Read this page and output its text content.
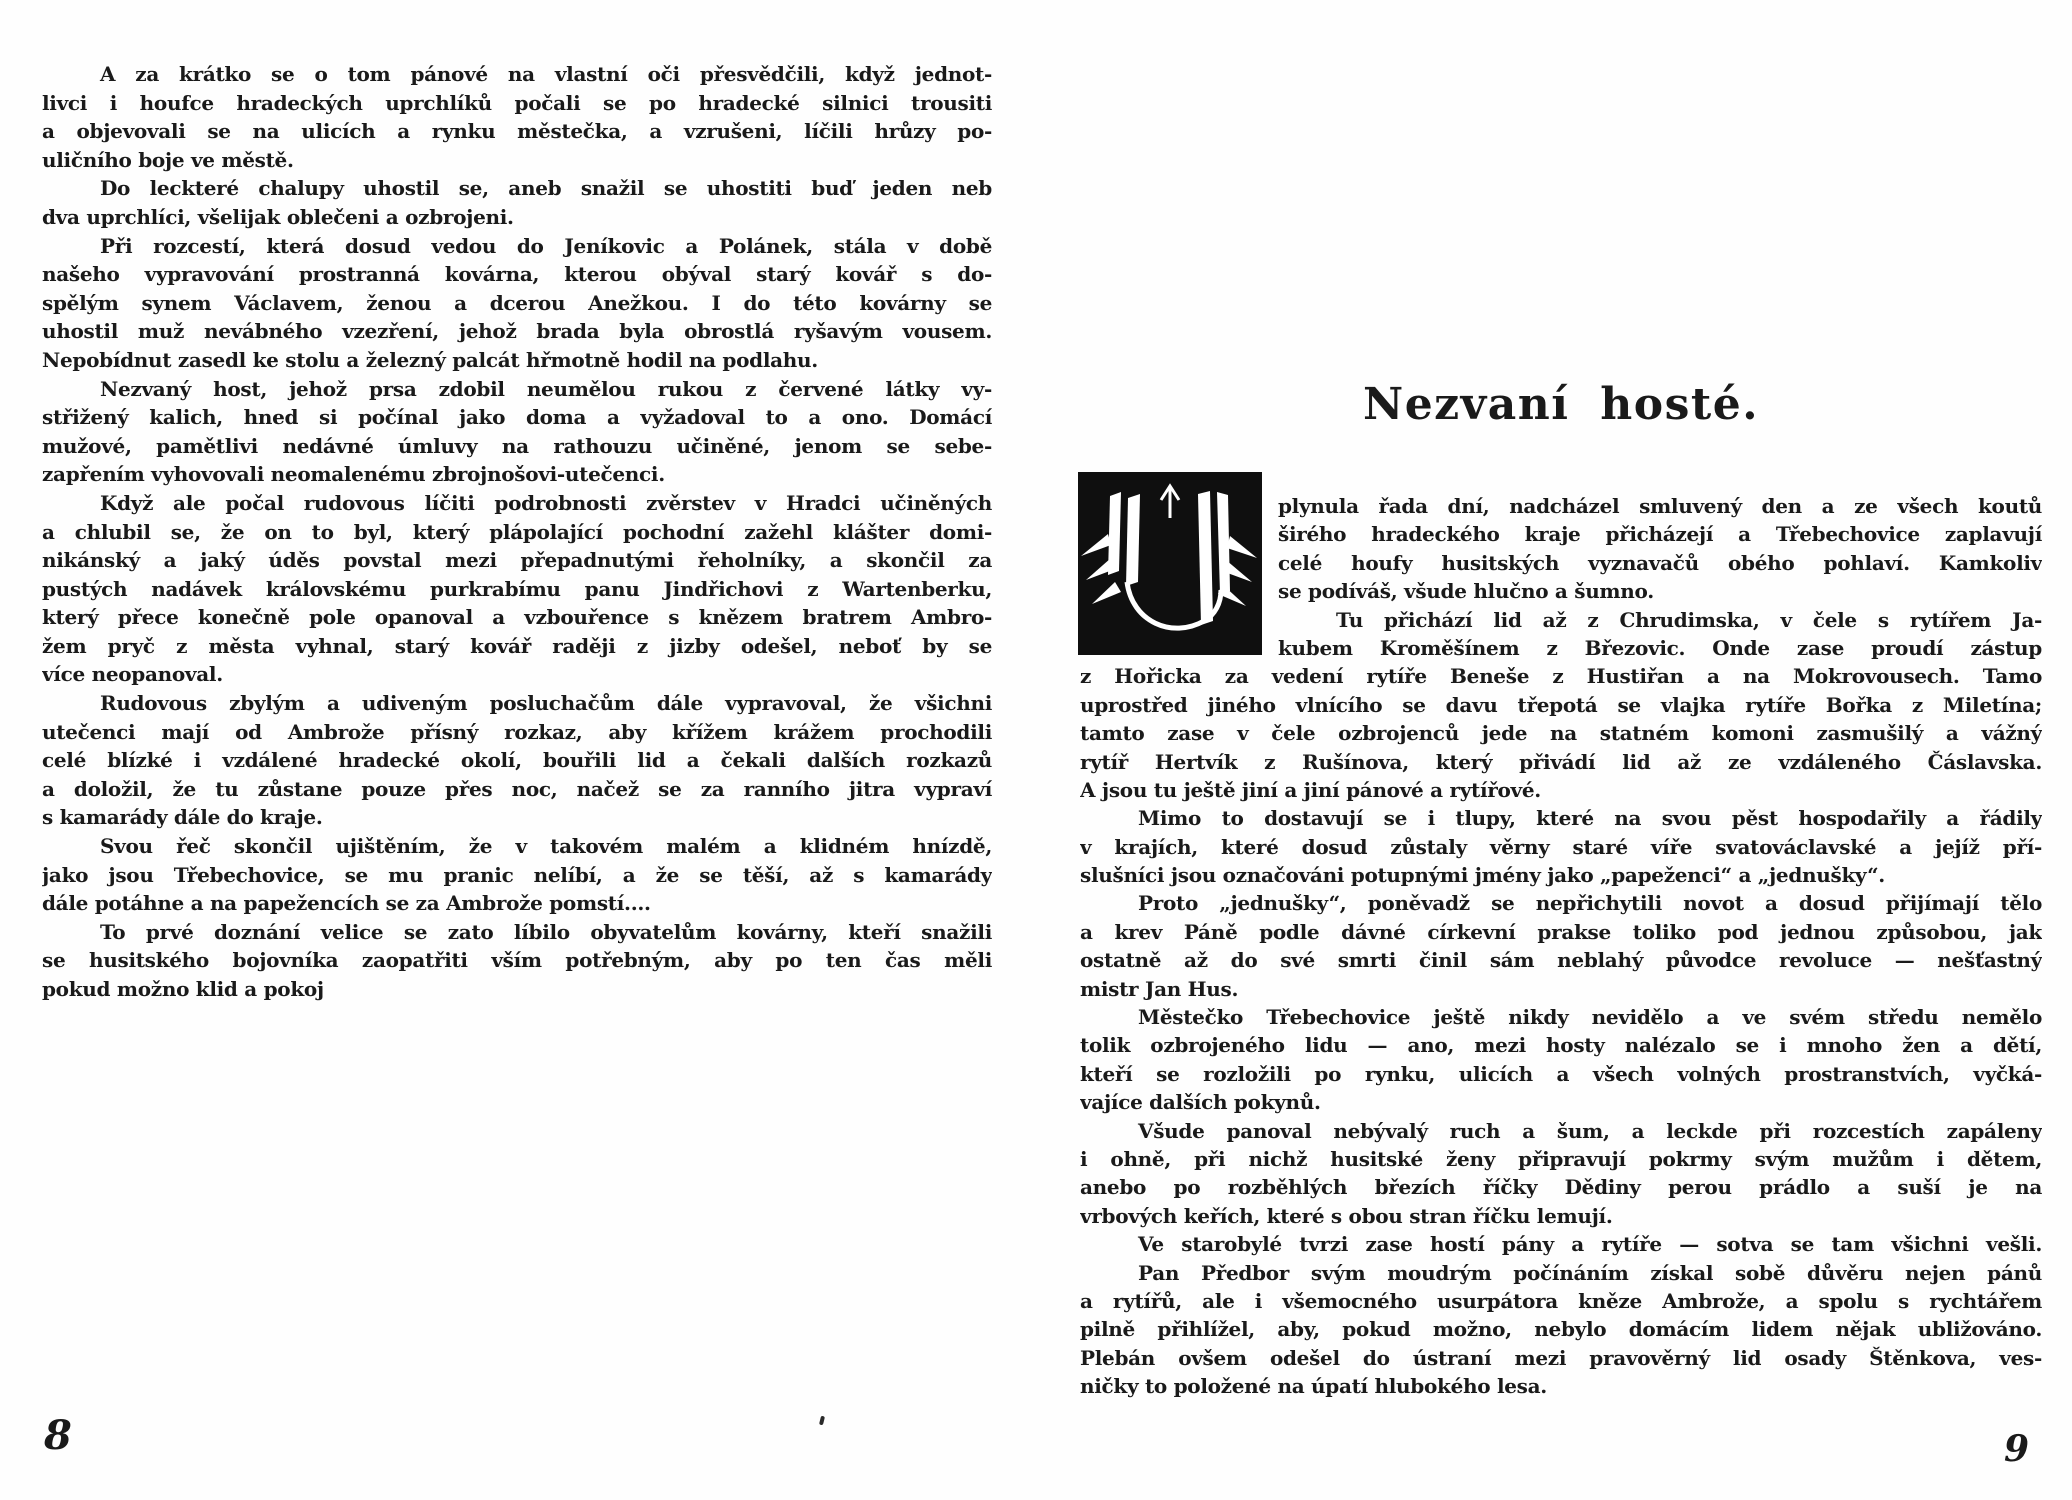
A za krátko se o tom pánové na vlastní oči přesvědčili, když jednot-
livci i houfce hradeckých uprchlíků počali se po hradecké silnici trousiti
a objevovali se na ulicích a rynku městečka, a vzrušeni, líčili hrůzy po-
uličního boje ve městě.
Do leckteré chalupy uhostil se, aneb snažil se uhostiti buď jeden neb
dva uprchlíci, všelijak oblečeni a ozbrojeni.
Při rozcestí, která dosud vedou do Jeníkovic a Polánek, stála v době
našeho vypravování prostranná kovárna, kterou obýval starý kovář s do-
spělým synem Václavem, ženou a dcerou Anežkou. I do této kovárny se
uhostil muž nevábného vzezření, jehož brada byla obrostlá ryšavým vousem.
Nepobídnut zasedl ke stolu a železný palcát hřmotně hodil na podlahu.
Nezvaný host, jehož prsa zdobil neumělou rukou z červené látky vy-
střižený kalich, hned si počínal jako doma a vyžadoval to a ono. Domácí
mužové, pamětlivi nedávné úmluvy na rathouzu učiněné, jenom se sebe-
zapřením vyhovovali neomalenému zbrojnošovi-utečenci.
Když ale počal rudovous líčiti podrobnosti zvěrstev v Hradci učiněných
a chlubil se, že on to byl, který plápolající pochodní zažehl klášter domi-
nikánský a jaký úděs povstal mezi přepadnutými řeholníky, a skončil za
pustých nadávek královskému purkrabímu panu Jindřichovi z Wartenberku,
který přece konečně pole opanoval a vzbouřence s knězem bratrem Ambro-
žem pryč z města vyhnal, starý kovář raději z jizby odešel, neboť by se
více neopanoval.
Rudovous zbylým a udiveným posluchačům dále vypravoval, že všichni
utečenci mají od Ambrože přísný rozkaz, aby křížem krážem prochodili
celé blízké i vzdálené hradecké okolí, bouřili lid a čekali dalších rozkazů
a doložil, že tu zůstane pouze přes noc, načež se za ranního jitra vypraví
s kamarády dále do kraje.
Svou řeč skončil ujištěním, že v takovém malém a klidném hnízdě,
jako jsou Třebechovice, se mu pranic nelíbí, a že se těší, až s kamarády
dále potáhne a na papežencích se za Ambrože pomstí....
To prvé doznání velice se zato líbilo obyvatelům kovárny, kteří snažili
se husitského bojovníka zaopatřiti vším potřebným, aby po ten čas měli
pokud možno klid a pokoj
8
Nezvaní hosté.
plynula řada dní, nadcházel smluvený den a ze všech koutů
širého hradeckého kraje přicházejí a Třebechovice zaplavují
celé houfy husitských vyznavačů obého pohlaví. Kamkoliv
se podíváš, všude hlučno a šumno.
Tu přichází lid až z Chrudimska, v čele s rytířem Ja-
kubem Kroměšínem z Březovic. Onde zase proudí zástup
z Hořicka za vedení rytíře Beneše z Hustiřan a na Mokrovousech. Tamo
uprostřed jiného vlnícího se davu třepotá se vlajka rytíře Bořka z Miletína;
tamto zase v čele ozbrojenců jede na statném komoni zasmušilý a vážný
rytíř Hertvík z Rušínova, který přivádí lid až ze vzdáleného Čáslavska.
A jsou tu ještě jiní a jiní pánové a rytířové.
Mimo to dostavují se i tlupy, které na svou pěst hospodařily a řádily
v krajích, které dosud zůstaly věrny staré víře svatováclavské a jejíž pří-
slušníci jsou označováni potupnými jmény jako „papeženci“ a „jednušky“.
Proto „jednušky“, poněvadž se nepřichytili novot a dosud přijímají tělo
a krev Páně podle dávné církevní prakse toliko pod jednou způsobou, jak
ostatně až do své smrti činil sám neblahý původce revoluce — nešťastný
mistr Jan Hus.
Městečko Třebechovice ještě nikdy nevidělo a ve svém středu nemělo
tolik ozbrojeného lidu — ano, mezi hosty nalézalo se i mnoho žen a dětí,
kteří se rozložili po rynku, ulicích a všech volných prostranstvích, vyčká-
vajíce dalších pokynů.
Všude panoval nebývalý ruch a šum, a leckde při rozcestích zapáleny
i ohně, při nichž husitské ženy připravují pokrmy svým mužům i dětem,
anebo po rozběhlých březích říčky Dědiny perou prádlo a suší je na
vrbových keřích, které s obou stran říčku lemují.
Ve starobylé tvrzi zase hostí pány a rytíře — sotva se tam všichni vešli.
Pan Předbor svým moudrým počínáním získal sobě důvěru nejen pánů
a rytířů, ale i všemocného usurpátora kněze Ambrože, a spolu s rychtářem
pilně přihlížel, aby, pokud možno, nebylo domácím lidem nějak ubližováno.
Plebán ovšem odešel do ústraní mezi pravověrný lid osady Štěnkova, ves-
ničky to položené na úpatí hlubokého lesa.
9
